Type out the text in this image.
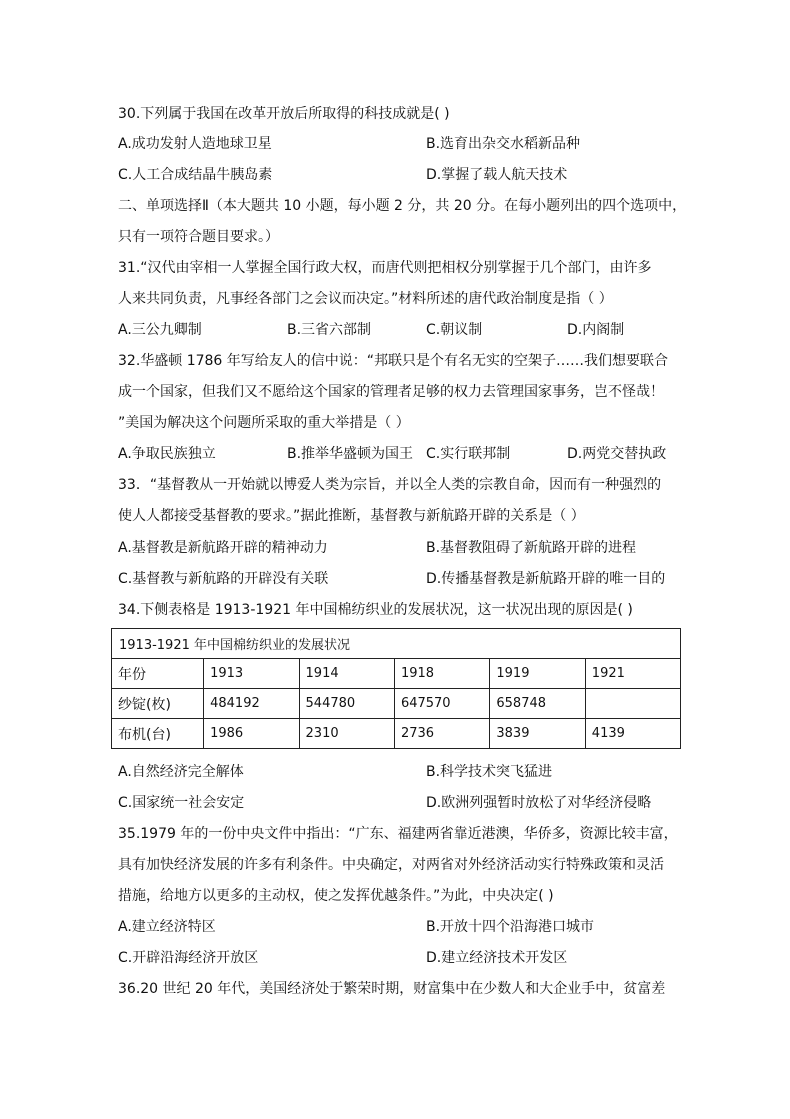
30.下列属于我国在改革开放后所取得的科技成就是( )
A.成功发射人造地球卫星	B.选育出杂交水稻新品种
C.人工合成结晶牛胰岛素	D.掌握了载人航天技术
二、单项选择Ⅱ（本大题共 10 小题，每小题 2 分，共 20 分。在每小题列出的四个选项中，
只有一项符合题目要求。）
31.“汉代由宰相一人掌握全国行政大权，而唐代则把相权分别掌握于几个部门，由许多
人来共同负责，凡事经各部门之会议而决定。”材料所述的唐代政治制度是指（ ）
A.三公九卿制	B.三省六部制	C.朝议制	D.内阁制
32.华盛顿 1786 年写给友人的信中说：“邦联只是个有名无实的空架子……我们想要联合
成一个国家，但我们又不愿给这个国家的管理者足够的权力去管理国家事务，岂不怪哉！
”美国为解决这个问题所采取的重大举措是（ ）
A.争取民族独立	B.推举华盛顿为国王 C.实行联邦制	D.两党交替执政
33．“基督教从一开始就以博爱人类为宗旨，并以全人类的宗教自命，因而有一种强烈的
使人人都接受基督教的要求。”据此推断，基督教与新航路开辟的关系是（ ）
A.基督教是新航路开辟的精神动力	B.基督教阻碍了新航路开辟的进程
C.基督教与新航路的开辟没有关联	D.传播基督教是新航路开辟的唯一目的
34.下侧表格是 1913-1921 年中国棉纺织业的发展状况，这一状况出现的原因是( )
1913-1921 年中国棉纺织业的发展状况					
年份	1913	1914	1918	1919	1921
纱锭(枚)	484192	544780	647570	658748	
布机(台)	1986	2310	2736	3839	4139
A.自然经济完全解体	B.科学技术突飞猛进
C.国家统一社会安定	D.欧洲列强暂时放松了对华经济侵略
35.1979 年的一份中央文件中指出：“广东、福建两省靠近港澳，华侨多，资源比较丰富，
具有加快经济发展的许多有利条件。中央确定，对两省对外经济活动实行特殊政策和灵活
措施，给地方以更多的主动权，使之发挥优越条件。”为此，中央决定( )
A.建立经济特区	B.开放十四个沿海港口城市
C.开辟沿海经济开放区	D.建立经济技术开发区
36.20 世纪 20 年代，美国经济处于繁荣时期，财富集中在少数人和大企业手中，贫富差
